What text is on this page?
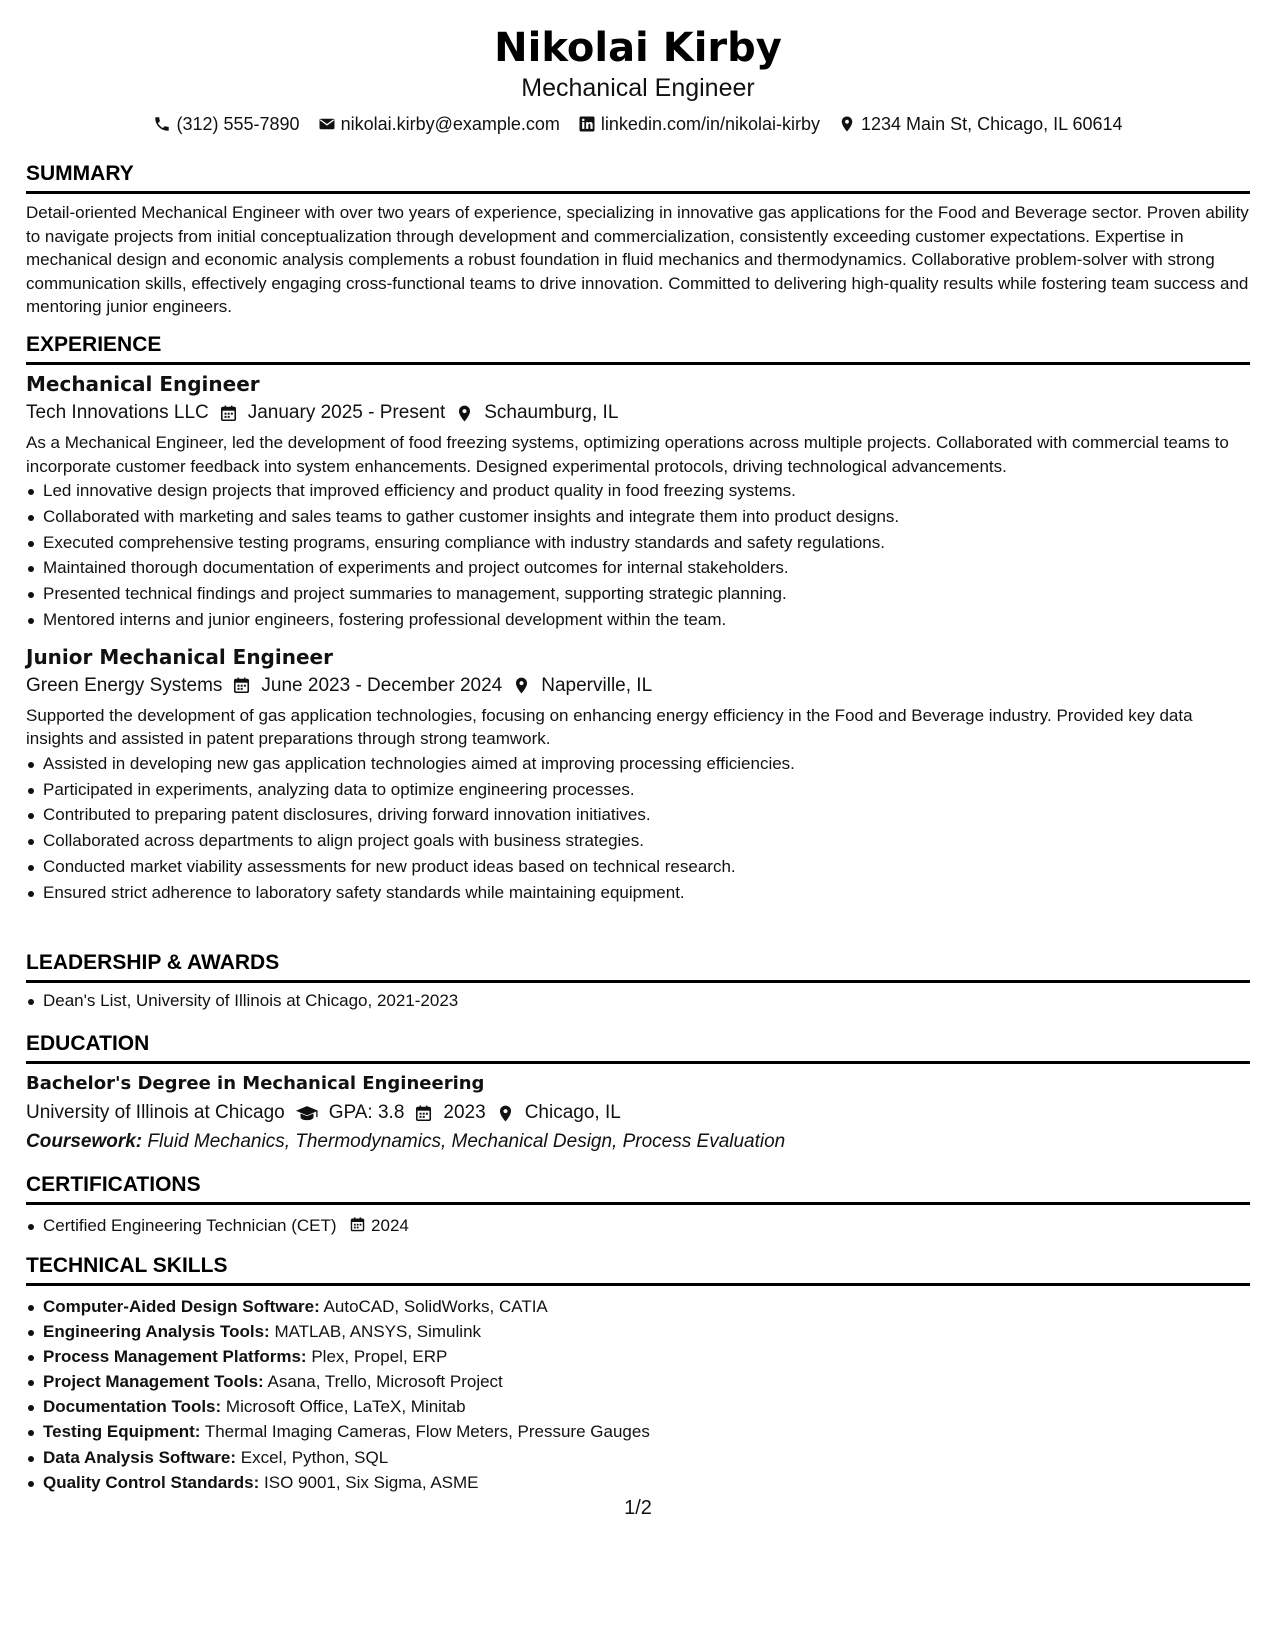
Nikolai Kirby
Mechanical Engineer
(312) 555-7890 nikolai.kirby@example.com linkedin.com/in/nikolai-kirby 1234 Main St, Chicago, IL 60614
SUMMARY

Detail-oriented Mechanical Engineer with over two years of experience, specializing in innovative gas applications for the Food and Beverage sector. Proven ability to navigate projects from initial conceptualization through development and commercialization, consistently exceeding customer expectations. Expertise in mechanical design and economic analysis complements a robust foundation in fluid mechanics and thermodynamics. Collaborative problem-solver with strong communication skills, effectively engaging cross-functional teams to drive innovation. Committed to delivering high-quality results while fostering team success and mentoring junior engineers.

EXPERIENCE
Mechanical Engineer
Tech Innovations LLC January 2025 - Present Schaumburg, IL

As a Mechanical Engineer, led the development of food freezing systems, optimizing operations across multiple projects. Collaborated with commercial teams to incorporate customer feedback into system enhancements. Designed experimental protocols, driving technological advancements.

Led innovative design projects that improved efficiency and product quality in food freezing systems.
Collaborated with marketing and sales teams to gather customer insights and integrate them into product designs.
Executed comprehensive testing programs, ensuring compliance with industry standards and safety regulations.
Maintained thorough documentation of experiments and project outcomes for internal stakeholders.
Presented technical findings and project summaries to management, supporting strategic planning.
Mentored interns and junior engineers, fostering professional development within the team.
Junior Mechanical Engineer
Green Energy Systems June 2023 - December 2024 Naperville, IL

Supported the development of gas application technologies, focusing on enhancing energy efficiency in the Food and Beverage industry. Provided key data insights and assisted in patent preparations through strong teamwork.

Assisted in developing new gas application technologies aimed at improving processing efficiencies.
Participated in experiments, analyzing data to optimize engineering processes.
Contributed to preparing patent disclosures, driving forward innovation initiatives.
Collaborated across departments to align project goals with business strategies.
Conducted market viability assessments for new product ideas based on technical research.
Ensured strict adherence to laboratory safety standards while maintaining equipment.
LEADERSHIP & AWARDS
Dean's List, University of Illinois at Chicago, 2021-2023
EDUCATION
Bachelor's Degree in Mechanical Engineering
University of Illinois at Chicago GPA: 3.8 2023 Chicago, IL
Coursework: Fluid Mechanics, Thermodynamics, Mechanical Design, Process Evaluation
CERTIFICATIONS
Certified Engineering Technician (CET) 2024
TECHNICAL SKILLS
Computer-Aided Design Software: AutoCAD, SolidWorks, CATIA
Engineering Analysis Tools: MATLAB, ANSYS, Simulink
Process Management Platforms: Plex, Propel, ERP
Project Management Tools: Asana, Trello, Microsoft Project
Documentation Tools: Microsoft Office, LaTeX, Minitab
Testing Equipment: Thermal Imaging Cameras, Flow Meters, Pressure Gauges
Data Analysis Software: Excel, Python, SQL
Quality Control Standards: ISO 9001, Six Sigma, ASME
1/2
